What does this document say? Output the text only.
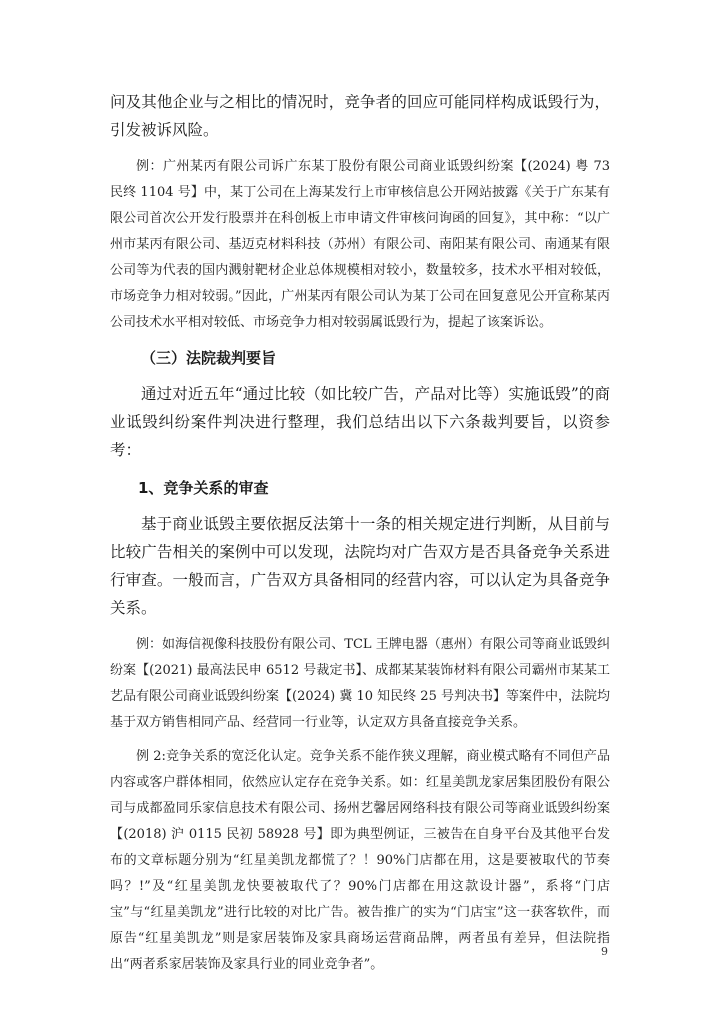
问及其他企业与之相比的情况时，竞争者的回应可能同样构成诋毁行为，引发被诉风险。

例：广州某丙有限公司诉广东某丁股份有限公司商业诋毁纠纷案【(2024) 粤 73 民终 1104 号】中，某丁公司在上海某发行上市审核信息公开网站披露《关于广东某有限公司首次公开发行股票并在科创板上市申请文件审核问询函的回复》，其中称：“以广州市某丙有限公司、基迈克材料科技（苏州）有限公司、南阳某有限公司、南通某有限公司等为代表的国内溅射靶材企业总体规模相对较小，数量较多，技术水平相对较低，市场竞争力相对较弱。”因此，广州某丙有限公司认为某丁公司在回复意见公开宣称某丙公司技术水平相对较低、市场竞争力相对较弱属诋毁行为，提起了该案诉讼。

（三）法院裁判要旨

通过对近五年“通过比较（如比较广告，产品对比等）实施诋毁”的商业诋毁纠纷案件判决进行整理，我们总结出以下六条裁判要旨，以资参考：

1、竞争关系的审查

基于商业诋毁主要依据反法第十一条的相关规定进行判断，从目前与比较广告相关的案例中可以发现，法院均对广告双方是否具备竞争关系进行审查。一般而言，广告双方具备相同的经营内容，可以认定为具备竞争关系。

例：如海信视像科技股份有限公司、TCL 王牌电器（惠州）有限公司等商业诋毁纠纷案【(2021) 最高法民申 6512 号裁定书】、成都某某装饰材料有限公司霸州市某某工艺品有限公司商业诋毁纠纷案【(2024) 冀 10 知民终 25 号判决书】等案件中，法院均基于双方销售相同产品、经营同一行业等，认定双方具备直接竞争关系。

例 2:竞争关系的宽泛化认定。竞争关系不能作狭义理解，商业模式略有不同但产品内容或客户群体相同，依然应认定存在竞争关系。如：红星美凯龙家居集团股份有限公司与成都盈同乐家信息技术有限公司、扬州艺馨居网络科技有限公司等商业诋毁纠纷案【(2018) 沪 0115 民初 58928 号】即为典型例证，三被告在自身平台及其他平台发布的文章标题分别为“红星美凯龙都慌了？！90%门店都在用，这是要被取代的节奏吗？!”及“红星美凯龙快要被取代了？90%门店都在用这款设计器”，系将“门店宝”与“红星美凯龙”进行比较的对比广告。被告推广的实为“门店宝”这一获客软件，而原告“红星美凯龙”则是家居装饰及家具商场运营商品牌，两者虽有差异，但法院指出“两者系家居装饰及家具行业的同业竞争者”。

9
